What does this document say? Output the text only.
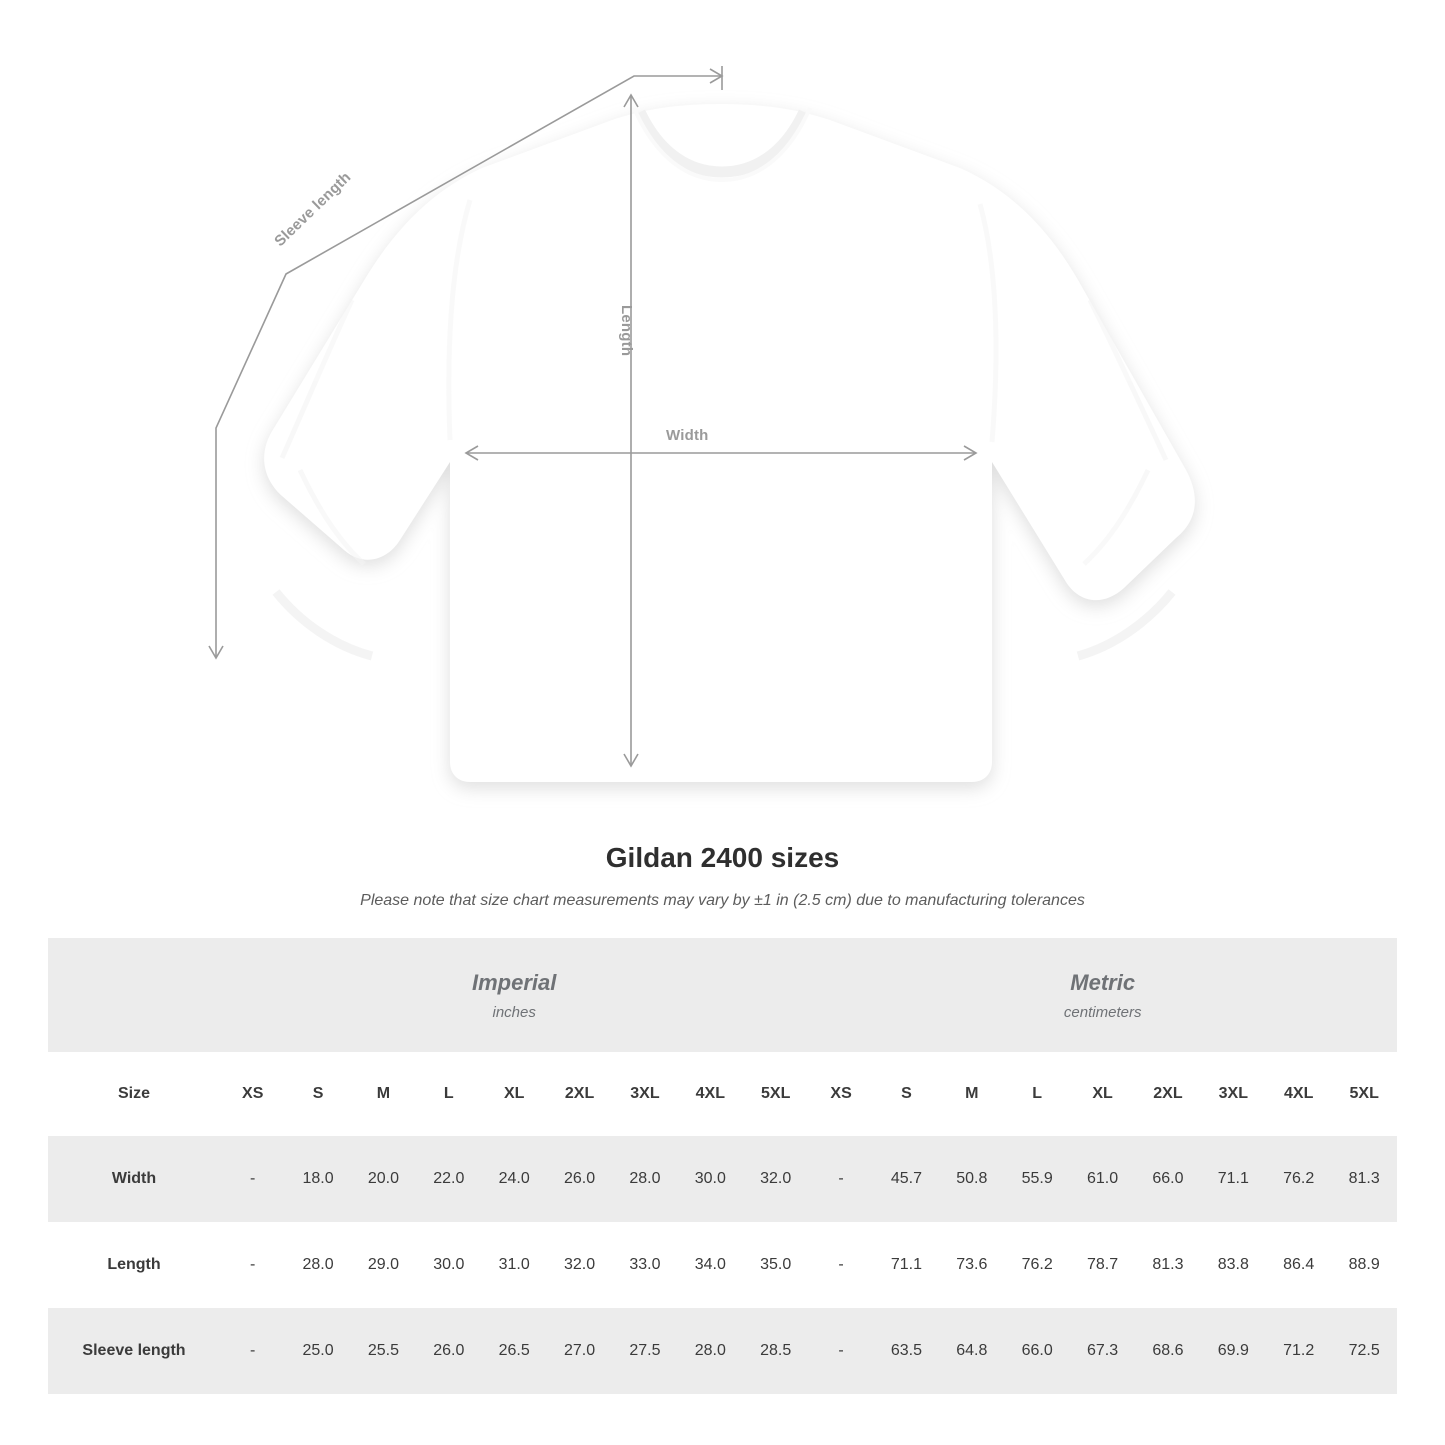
Width
Length
Sleeve length
Gildan 2400 sizes

Please note that size chart measurements may vary by ±1 in (2.5 cm) due to manufacturing tolerances

	Imperial
inches									Metric
centimeters								

Size	XS	S	M	L	XL	2XL	3XL	4XL	5XL	XS	S	M	L	XL	2XL	3XL	4XL	5XL
Width	-	18.0	20.0	22.0	24.0	26.0	28.0	30.0	32.0	-	45.7	50.8	55.9	61.0	66.0	71.1	76.2	81.3
Length	-	28.0	29.0	30.0	31.0	32.0	33.0	34.0	35.0	-	71.1	73.6	76.2	78.7	81.3	83.8	86.4	88.9
Sleeve length	-	25.0	25.5	26.0	26.5	27.0	27.5	28.0	28.5	-	63.5	64.8	66.0	67.3	68.6	69.9	71.2	72.5
